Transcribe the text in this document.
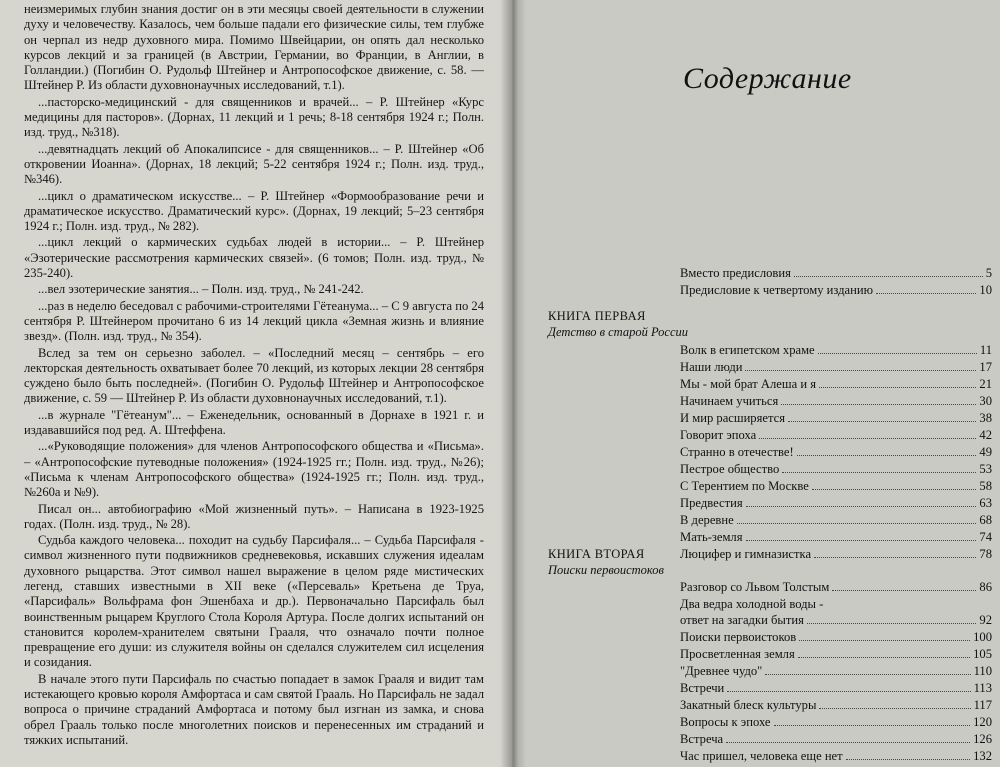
неизмеримых глубин знания достиг он в эти месяцы своей деятельности в служении духу и человечеству. Казалось, чем больше падали его физические силы, тем глубже он черпал из недр духовного мира. Помимо Швейцарии, он опять дал несколько курсов лекций и за границей (в Австрии, Германии, во Франции, в Англии, в Голландии.) (Погибин О. Рудольф Штейнер и Антропософское движение, с. 58. — Штейнер Р. Из области духовнонаучных исследований, т.1).

...пасторско-медицинский - для священников и врачей... – Р. Штейнер «Курс медицины для пасторов». (Дорнах, 11 лекций и 1 речь; 8-18 сентября 1924 г.; Полн. изд. труд., №318).

...девятнадцать лекций об Апокалипсисе - для священников... – Р. Штейнер «Об откровении Иоанна». (Дорнах, 18 лекций; 5-22 сентября 1924 г.; Полн. изд. труд., №346).

...цикл о драматическом искусстве... – Р. Штейнер «Формообразование речи и драматическое искусство. Драматический курс». (Дорнах, 19 лекций; 5–23 сентября 1924 г.; Полн. изд. труд., № 282).

...цикл лекций о кармических судьбах людей в истории... – Р. Штейнер «Эзотерические рассмотрения кармических связей». (6 томов; Полн. изд. труд., № 235-240).

...вел эзотерические занятия... – Полн. изд. труд., № 241-242.

...раз в неделю беседовал с рабочими-строителями Гётеанума... – С 9 августа по 24 сентября Р. Штейнером прочитано 6 из 14 лекций цикла «Земная жизнь и влияние звезд». (Полн. изд. труд., № 354).

Вслед за тем он серьезно заболел. – «Последний месяц – сентябрь – его лекторская деятельность охватывает более 70 лекций, из которых лекции 28 сентября суждено было быть последней». (Погибин О. Рудольф Штейнер и Антропософское движение, с. 59 — Штейнер Р. Из области духовнонаучных исследований, т.1).

...в журнале "Гётеанум"... – Еженедельник, основанный в Дорнахе в 1921 г. и издававшийся под ред. А. Штеффена.

...«Руководящие положения» для членов Антропософского общества и «Письма». – «Антропософские путеводные положения» (1924-1925 гг.; Полн. изд. труд., №26); «Письма к членам Антропософского общества» (1924-1925 гг.; Полн. изд. труд., №260а и №9).

Писал он... автобиографию «Мой жизненный путь». – Написана в 1923-1925 годах. (Полн. изд. труд., № 28).

Судьба каждого человека... походит на судьбу Парсифаля... – Судьба Парсифаля - символ жизненного пути подвижников средневековья, искавших служения идеалам духовного рыцарства. Этот символ нашел выражение в целом ряде мистических легенд, ставших известными в XII веке («Персеваль» Кретьена де Труа, «Парсифаль» Вольфрама фон Эшенбаха и др.). Первоначально Парсифаль был воинственным рыцарем Круглого Стола Короля Артура. После долгих испытаний он становится королем-хранителем святыни Грааля, что означало почти полное превращение его души: из служителя войны он сделался служителем сил исцеления и созидания.

В начале этого пути Парсифаль по счастью попадает в замок Грааля и видит там истекающего кровью короля Амфортаса и сам святой Грааль. Но Парсифаль не задал вопроса о причине страданий Амфортаса и потому был изгнан из замка, и снова обрел Грааль только после многолетних поисков и перенесенных им страданий и тяжких испытаний.

Содержание
Вместо предисловия	5
Предисловие к четвертому изданию	10
КНИГА ПЕРВАЯ
Детство в старой России
Волк в египетском храме	11
Наши люди	17
Мы - мой брат Алеша и я	21
Начинаем учиться	30
И мир расширяется	38
Говорит эпоха	42
Странно в отечестве!	49
Пестрое общество	53
С Терентием по Москве	58
Предвестия	63
В деревне	68
Мать-земля	74
Люцифер и гимназистка	78
КНИГА ВТОРАЯ
Поиски первоистоков
Разговор со Львом Толстым	86
Два ведра холодной воды -
ответ на загадки бытия	92
Поиски первоистоков	100
Просветленная земля	105
"Древнее чудо"	110
Встречи	113
Закатный блеск культуры	117
Вопросы к эпохе	120
Встреча	126
Час пришел, человека еще нет	132
